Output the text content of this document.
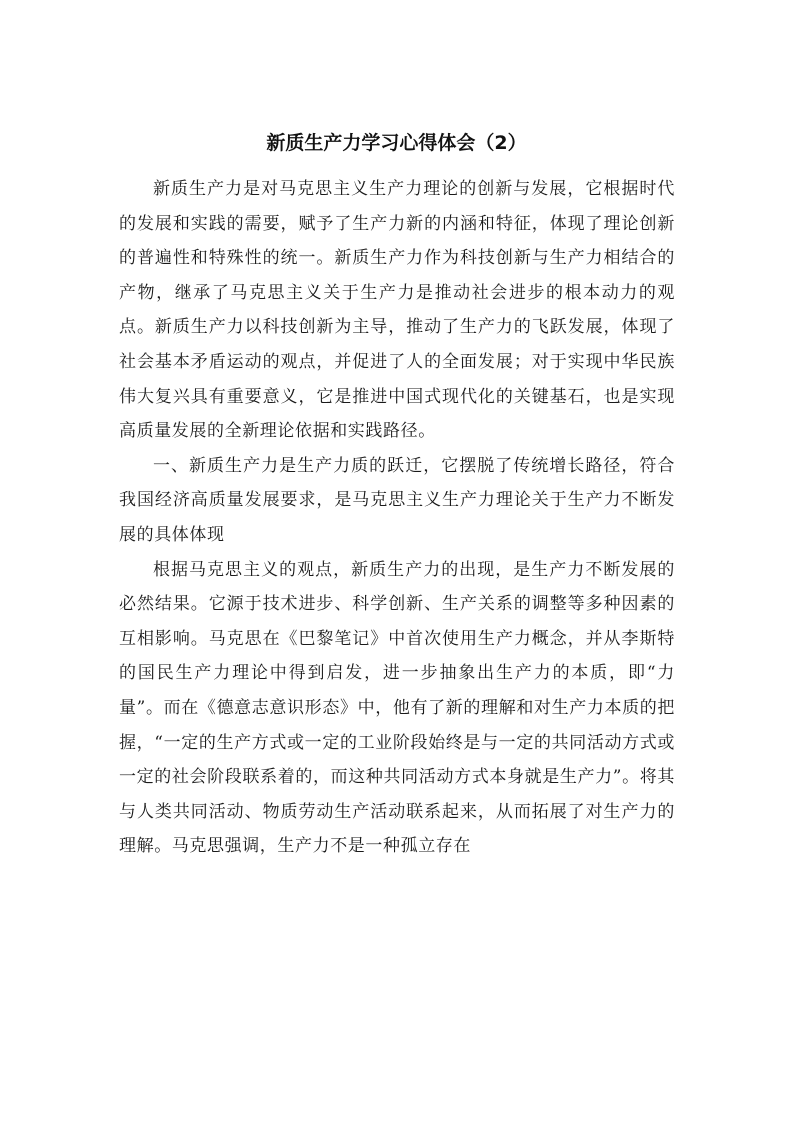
新质生产力学习心得体会（2）

新质生产力是对马克思主义生产力理论的创新与发展，它根据时代的发展和实践的需要，赋予了生产力新的内涵和特征，体现了理论创新的普遍性和特殊性的统一。新质生产力作为科技创新与生产力相结合的产物，继承了马克思主义关于生产力是推动社会进步的根本动力的观点。新质生产力以科技创新为主导，推动了生产力的飞跃发展，体现了社会基本矛盾运动的观点，并促进了人的全面发展；对于实现中华民族伟大复兴具有重要意义，它是推进中国式现代化的关键基石，也是实现高质量发展的全新理论依据和实践路径。

一、新质生产力是生产力质的跃迁，它摆脱了传统增长路径，符合我国经济高质量发展要求，是马克思主义生产力理论关于生产力不断发展的具体体现

根据马克思主义的观点，新质生产力的出现，是生产力不断发展的必然结果。它源于技术进步、科学创新、生产关系的调整等多种因素的互相影响。马克思在《巴黎笔记》中首次使用生产力概念，并从李斯特的国民生产力理论中得到启发，进一步抽象出生产力的本质，即“力量”。而在《德意志意识形态》中，他有了新的理解和对生产力本质的把握，“一定的生产方式或一定的工业阶段始终是与一定的共同活动方式或一定的社会阶段联系着的，而这种共同活动方式本身就是生产力”。将其与人类共同活动、物质劳动生产活动联系起来，从而拓展了对生产力的理解。马克思强调，生产力不是一种孤立存在
